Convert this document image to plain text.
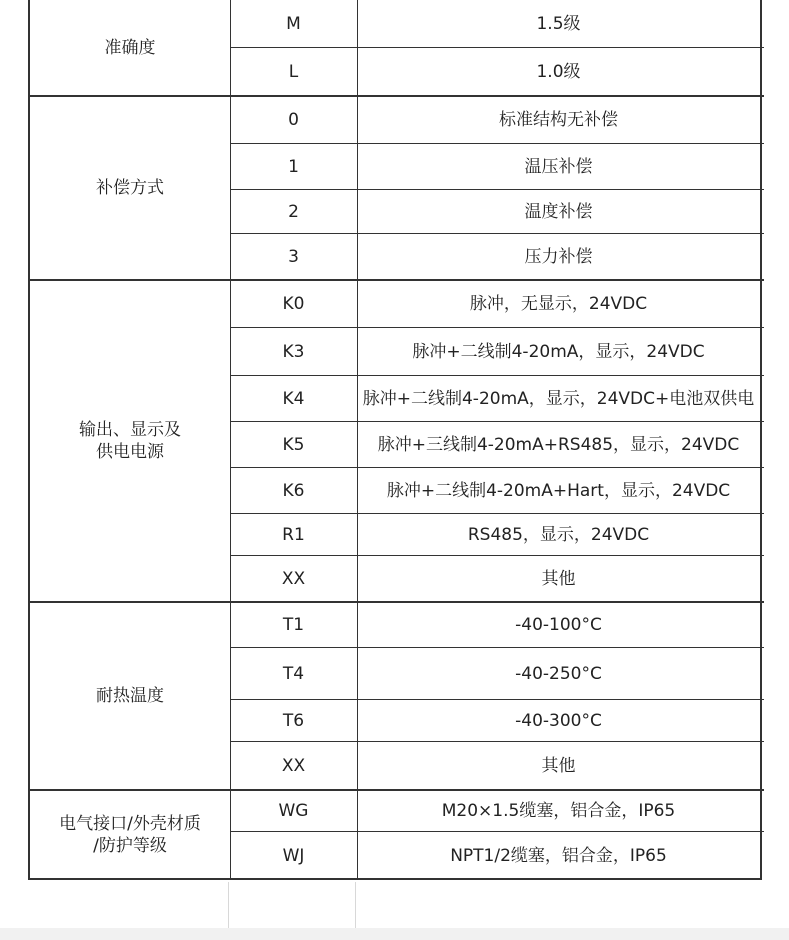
准确度
M	1.5级
L	1.0级
补偿方式
0	标准结构无补偿
1	温压补偿
2	温度补偿
3	压力补偿
输出、显示及
供电电源
K0	脉冲，无显示，24VDC
K3	脉冲+二线制4-20mA，显示，24VDC
K4	脉冲+二线制4-20mA，显示，24VDC+电池双供电
K5	脉冲+三线制4-20mA+RS485，显示，24VDC
K6	脉冲+二线制4-20mA+Hart，显示，24VDC
R1	RS485，显示，24VDC
XX	其他
耐热温度
T1	-40-100°C
T4	-40-250°C
T6	-40-300°C
XX	其他
电气接口/外壳材质
/防护等级
WG	M20×1.5缆塞，铝合金，IP65
WJ	NPT1/2缆塞，铝合金，IP65
